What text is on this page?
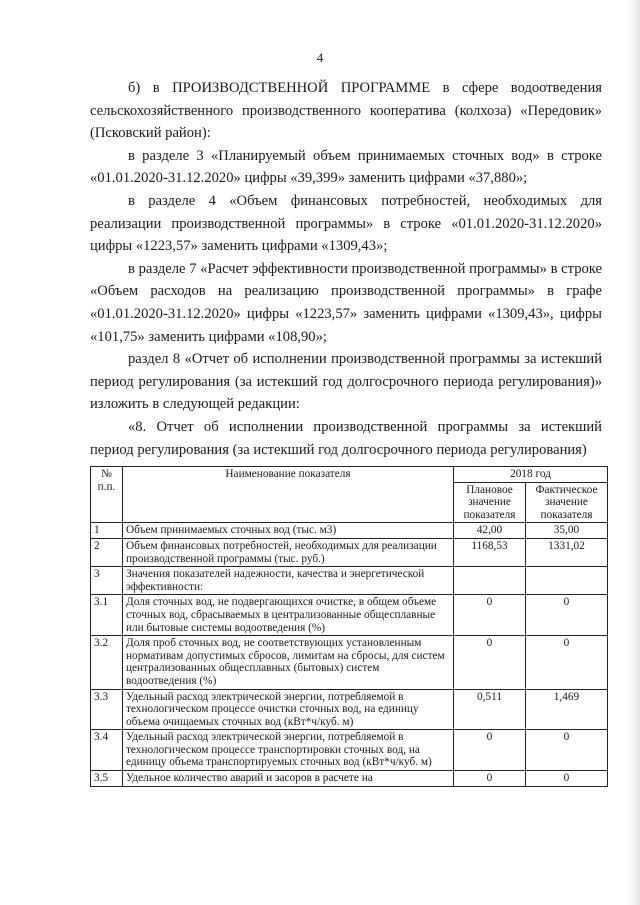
4

б) в ПРОИЗВОДСТВЕННОЙ ПРОГРАММЕ в сфере водоотведения сельскохозяйственного производственного кооператива (колхоза) «Передовик» (Псковский район):

в разделе 3 «Планируемый объем принимаемых сточных вод» в строке «01.01.2020-31.12.2020» цифры «39,399» заменить цифрами «37,880»;

в разделе 4 «Объем финансовых потребностей, необходимых для реализации производственной программы» в строке «01.01.2020-31.12.2020» цифры «1223,57» заменить цифрами «1309,43»;

в разделе 7 «Расчет эффективности производственной программы» в строке «Объем расходов на реализацию производственной программы» в графе «01.01.2020-31.12.2020» цифры «1223,57» заменить цифрами «1309,43», цифры «101,75» заменить цифрами «108,90»;

раздел 8 «Отчет об исполнении производственной программы за истекший период регулирования (за истекший год долгосрочного периода регулирования)» изложить в следующей редакции:

«8. Отчет об исполнении производственной программы за истекший период регулирования (за истекший год долгосрочного периода регулирования)

№ п.п.	Наименование показателя	2018 год	
		Плановое значение показателя	Фактическое значение показателя
1	Объем принимаемых сточных вод (тыс. м3)	42,00	35,00
2	Объем финансовых потребностей, необходимых для реализации производственной программы (тыс. руб.)	1168,53	1331,02
3	Значения показателей надежности, качества и энергетической эффективности:		
3.1	Доля сточных вод, не подвергающихся очистке, в общем объеме сточных вод, сбрасываемых в централизованные общесплавные или бытовые системы водоотведения (%)	0	0
3.2	Доля проб сточных вод, не соответствующих установленным нормативам допустимых сбросов, лимитам на сбросы, для систем централизованных общесплавных (бытовых) систем водоотведения (%)	0	0
3.3	Удельный расход электрической энергии, потребляемой в технологическом процессе очистки сточных вод, на единицу объема очищаемых сточных вод (кВт*ч/куб. м)	0,511	1,469
3.4	Удельный расход электрической энергии, потребляемой в технологическом процессе транспортировки сточных вод, на единицу объема транспортируемых сточных вод (кВт*ч/куб. м)	0	0
3.5	Удельное количество аварий и засоров в расчете на	0	0
